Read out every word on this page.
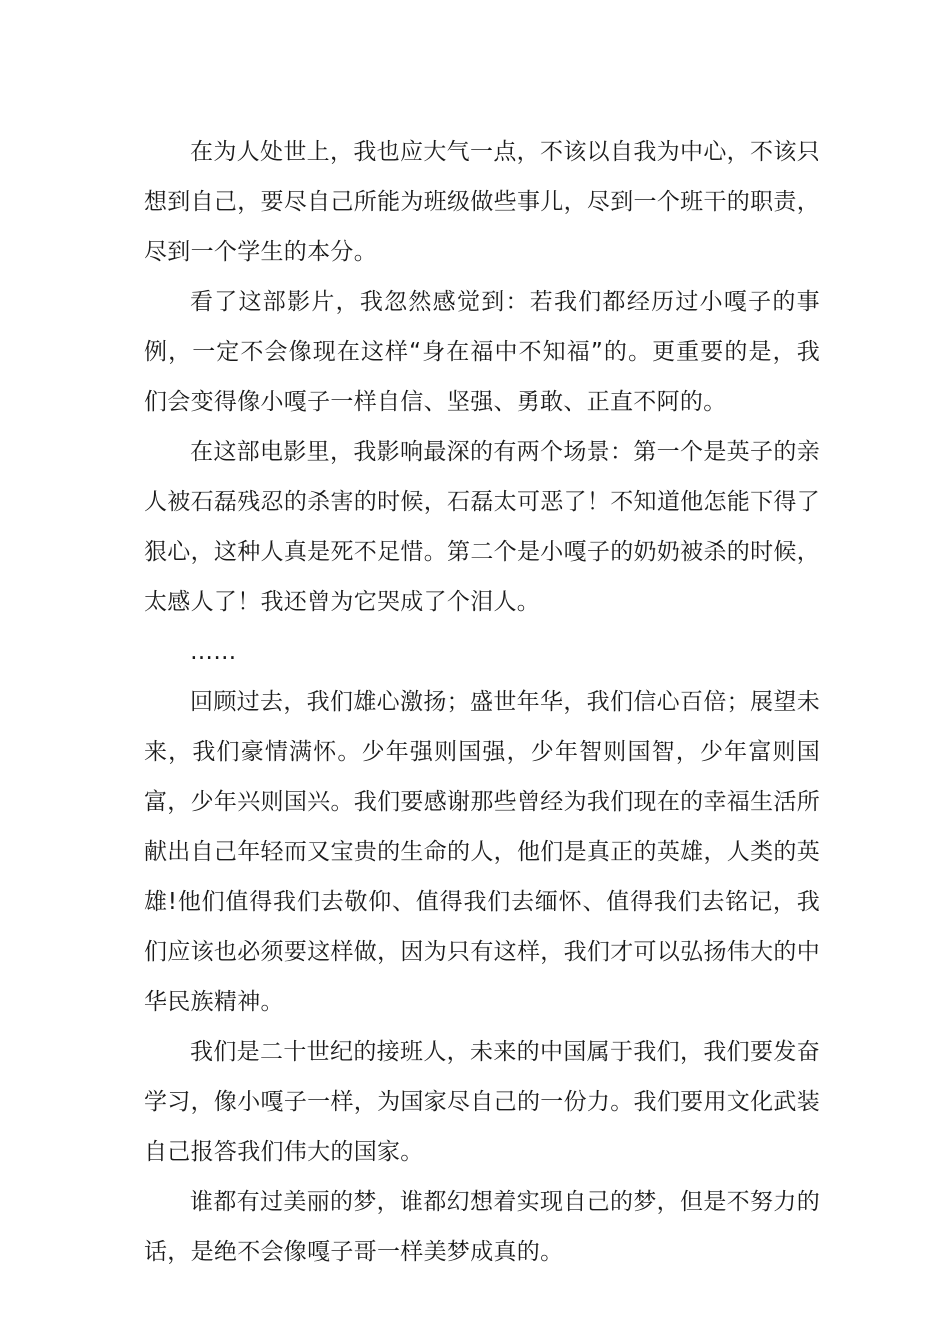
在为人处世上，我也应大气一点，不该以自我为中心，不该只想到自己，要尽自己所能为班级做些事儿，尽到一个班干的职责，尽到一个学生的本分。

看了这部影片，我忽然感觉到：若我们都经历过小嘎子的事例，一定不会像现在这样“身在福中不知福”的。更重要的是，我们会变得像小嘎子一样自信、坚强、勇敢、正直不阿的。

在这部电影里，我影响最深的有两个场景：第一个是英子的亲人被石磊残忍的杀害的时候，石磊太可恶了！不知道他怎能下得了狠心，这种人真是死不足惜。第二个是小嘎子的奶奶被杀的时候，太感人了！我还曾为它哭成了个泪人。

……

回顾过去，我们雄心激扬；盛世年华，我们信心百倍；展望未来，我们豪情满怀。少年强则国强，少年智则国智，少年富则国富，少年兴则国兴。我们要感谢那些曾经为我们现在的幸福生活所献出自己年轻而又宝贵的生命的人，他们是真正的英雄，人类的英雄!他们值得我们去敬仰、值得我们去缅怀、值得我们去铭记，我们应该也必须要这样做，因为只有这样，我们才可以弘扬伟大的中华民族精神。

我们是二十世纪的接班人，未来的中国属于我们，我们要发奋学习，像小嘎子一样，为国家尽自己的一份力。我们要用文化武装自己报答我们伟大的国家。

谁都有过美丽的梦，谁都幻想着实现自己的梦，但是不努力的话，是绝不会像嘎子哥一样美梦成真的。
